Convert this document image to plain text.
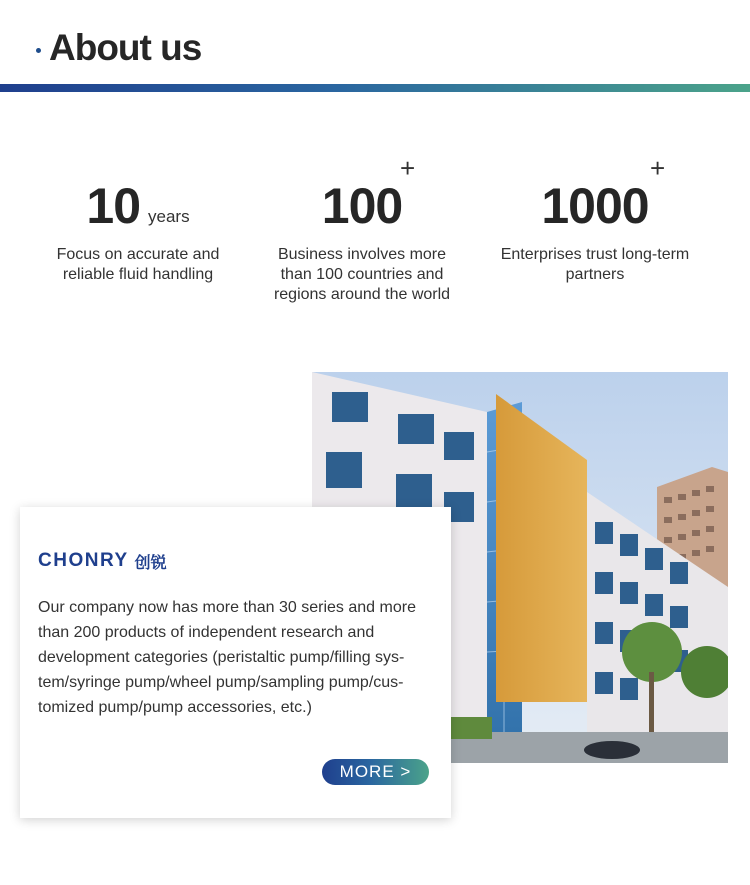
About us
10 years

Focus on accurate and reliable fluid handling

100
+

Business involves more than 100 countries and regions around the world

1000
+

Enterprises trust long-term partners

CHONRY 创锐

Our company now has more than 30 series and more than 200 products of independent research and development categories (peristaltic pump/filling sys-tem/syringe pump/wheel pump/sampling pump/cus-tomized pump/pump accessories, etc.)

MORE >
